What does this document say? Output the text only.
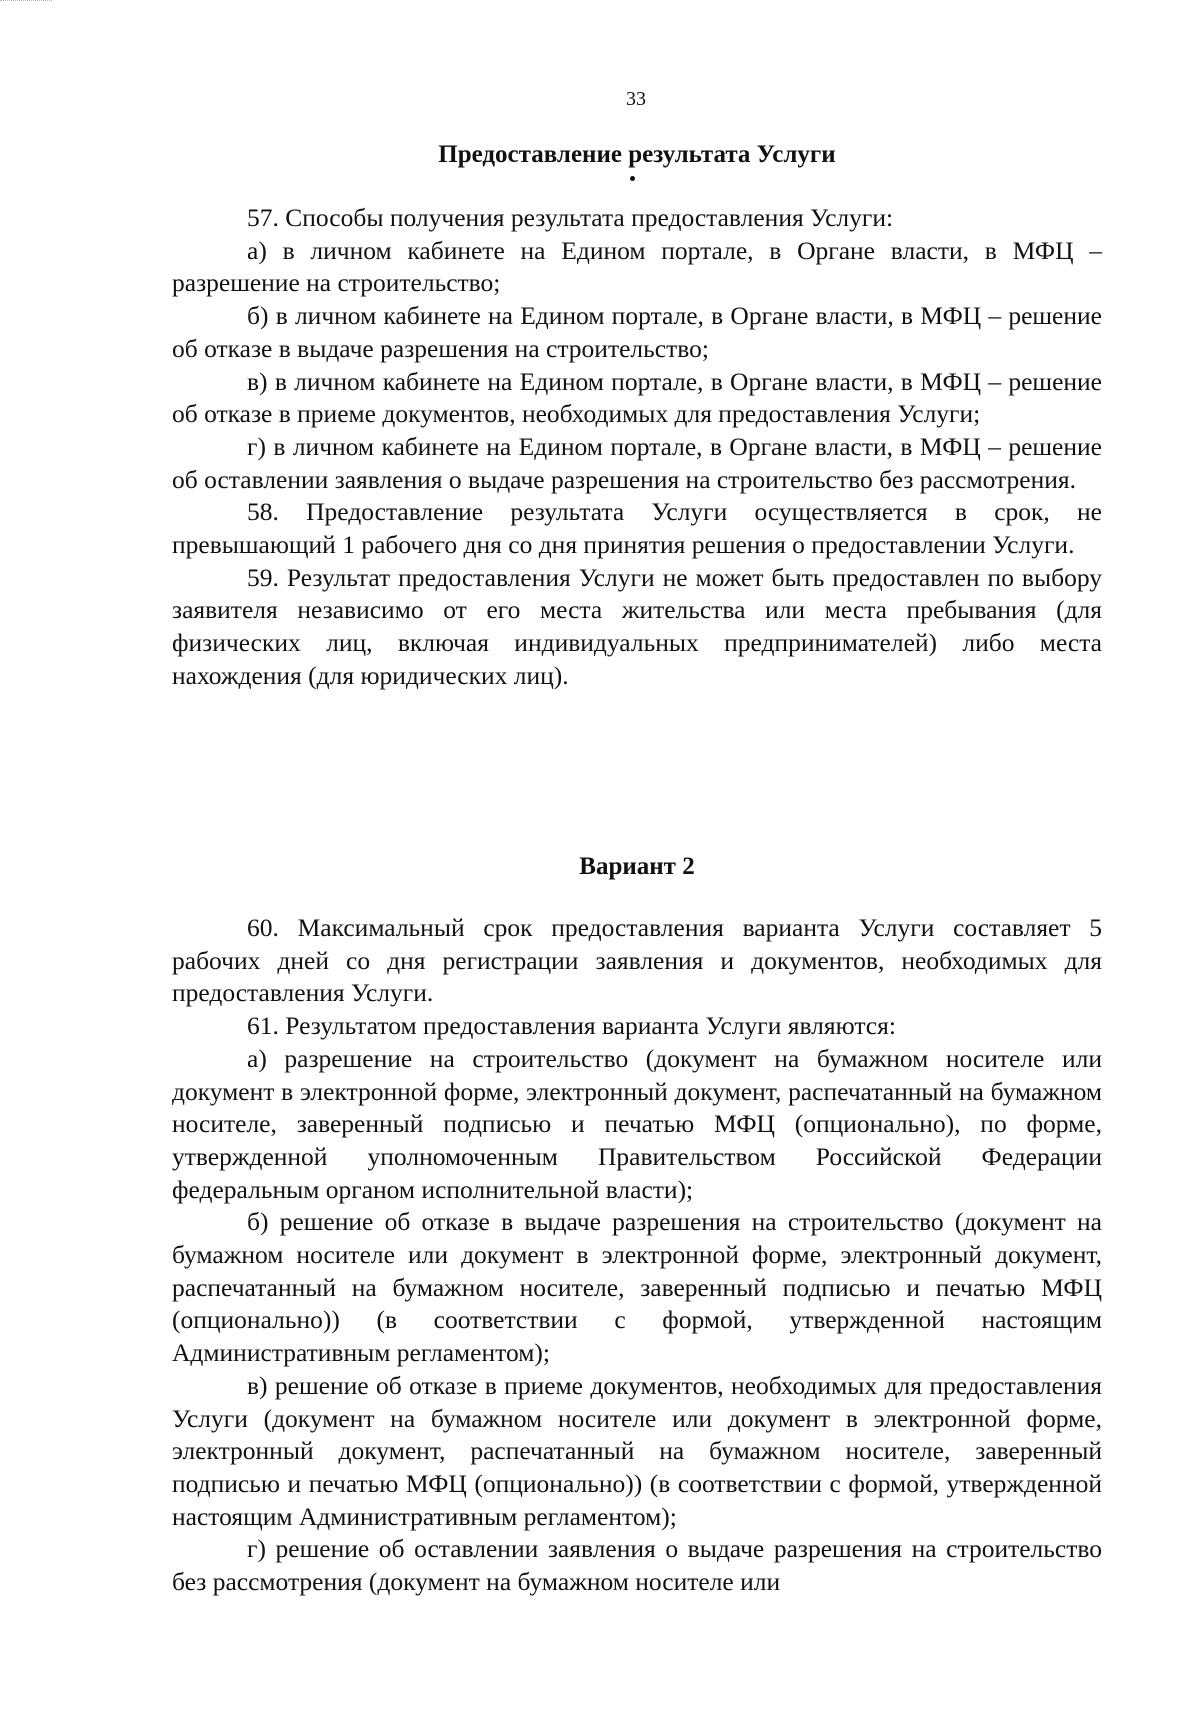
33
Предоставление результата Услуги

57. Способы получения результата предоставления Услуги:

а) в личном кабинете на Едином портале, в Органе власти, в МФЦ – разрешение на строительство;

б) в личном кабинете на Едином портале, в Органе власти, в МФЦ – решение об отказе в выдаче разрешения на строительство;

в) в личном кабинете на Едином портале, в Органе власти, в МФЦ – решение об отказе в приеме документов, необходимых для предоставления Услуги;

г) в личном кабинете на Едином портале, в Органе власти, в МФЦ – решение об оставлении заявления о выдаче разрешения на строительство без рассмотрения.

58. Предоставление результата Услуги осуществляется в срок, не превышающий 1 рабочего дня со дня принятия решения о предоставлении Услуги.

59. Результат предоставления Услуги не может быть предоставлен по выбору заявителя независимо от его места жительства или места пребывания (для физических лиц, включая индивидуальных предпринимателей) либо места нахождения (для юридических лиц).

Вариант 2

60. Максимальный срок предоставления варианта Услуги составляет 5 рабочих дней со дня регистрации заявления и документов, необходимых для предоставления Услуги.

61. Результатом предоставления варианта Услуги являются:

а) разрешение на строительство (документ на бумажном носителе или документ в электронной форме, электронный документ, распечатанный на бумажном носителе, заверенный подписью и печатью МФЦ (опционально), по форме, утвержденной уполномоченным Правительством Российской Федерации федеральным органом исполнительной власти);

б) решение об отказе в выдаче разрешения на строительство (документ на бумажном носителе или документ в электронной форме, электронный документ, распечатанный на бумажном носителе, заверенный подписью и печатью МФЦ (опционально)) (в соответствии с формой, утвержденной настоящим Административным регламентом);

в) решение об отказе в приеме документов, необходимых для предоставления Услуги (документ на бумажном носителе или документ в электронной форме, электронный документ, распечатанный на бумажном носителе, заверенный подписью и печатью МФЦ (опционально)) (в соответствии с формой, утвержденной настоящим Административным регламентом);

г) решение об оставлении заявления о выдаче разрешения на строительство без рассмотрения (документ на бумажном носителе или
